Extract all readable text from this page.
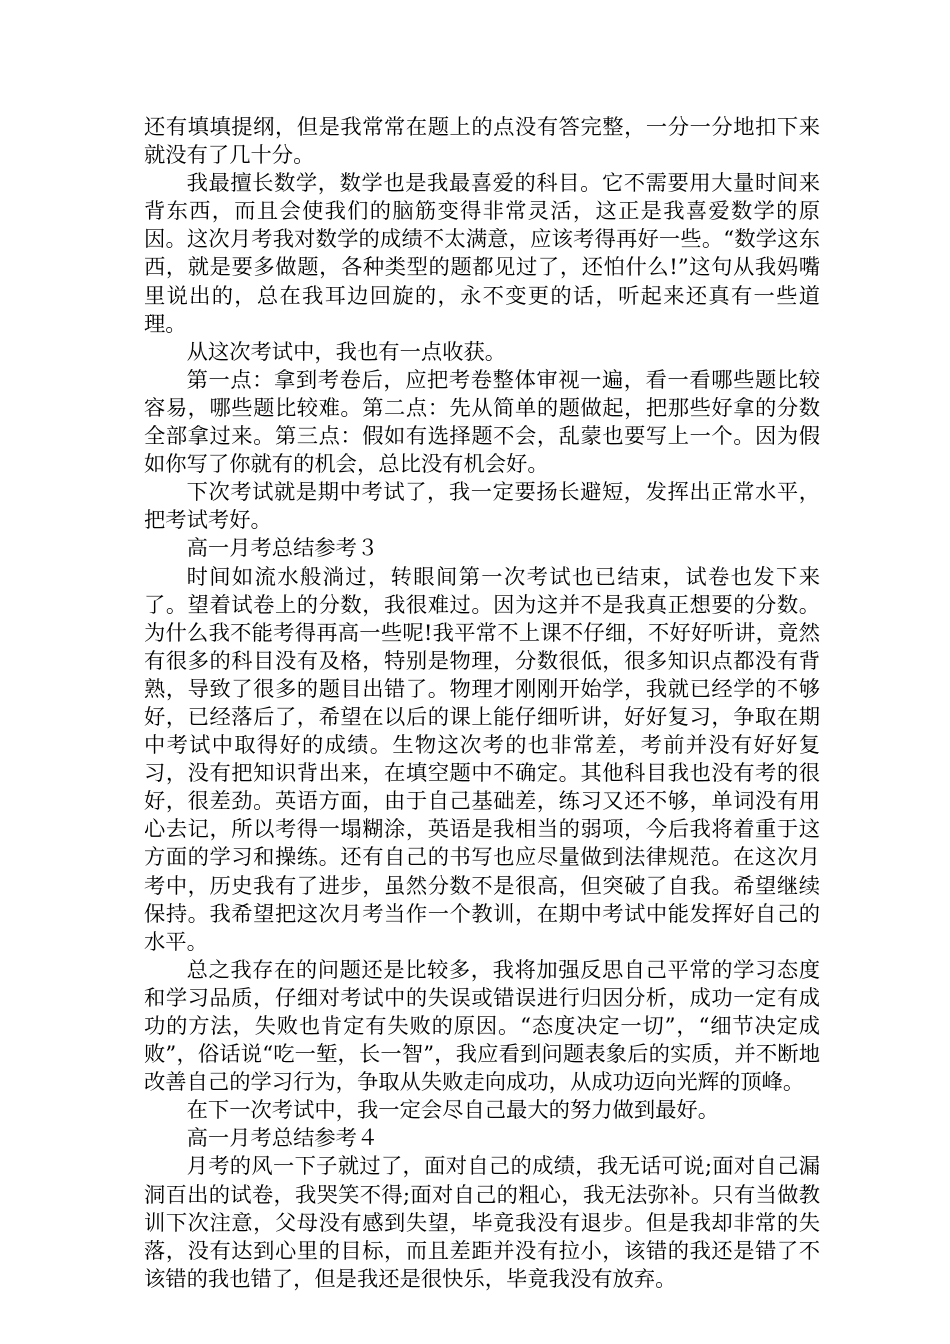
还有填填提纲，但是我常常在题上的点没有答完整，一分一分地扣下来就没有了几十分。

我最擅长数学，数学也是我最喜爱的科目。它不需要用大量时间来背东西，而且会使我们的脑筋变得非常灵活，这正是我喜爱数学的原因。这次月考我对数学的成绩不太满意，应该考得再好一些。“数学这东西，就是要多做题，各种类型的题都见过了，还怕什么!”这句从我妈嘴里说出的，总在我耳边回旋的，永不变更的话，听起来还真有一些道理。

从这次考试中，我也有一点收获。

第一点：拿到考卷后，应把考卷整体审视一遍，看一看哪些题比较容易，哪些题比较难。第二点：先从简单的题做起，把那些好拿的分数全部拿过来。第三点：假如有选择题不会，乱蒙也要写上一个。因为假如你写了你就有的机会，总比没有机会好。

下次考试就是期中考试了，我一定要扬长避短，发挥出正常水平，把考试考好。

高一月考总结参考３

时间如流水般淌过，转眼间第一次考试也已结束，试卷也发下来了。望着试卷上的分数，我很难过。因为这并不是我真正想要的分数。为什么我不能考得再高一些呢!我平常不上课不仔细，不好好听讲，竟然有很多的科目没有及格，特别是物理，分数很低，很多知识点都没有背熟，导致了很多的题目出错了。物理才刚刚开始学，我就已经学的不够好，已经落后了，希望在以后的课上能仔细听讲，好好复习，争取在期中考试中取得好的成绩。生物这次考的也非常差，考前并没有好好复习，没有把知识背出来，在填空题中不确定。其他科目我也没有考的很好，很差劲。英语方面，由于自己基础差，练习又还不够，单词没有用心去记，所以考得一塌糊涂，英语是我相当的弱项，今后我将着重于这方面的学习和操练。还有自己的书写也应尽量做到法律规范。在这次月考中，历史我有了进步，虽然分数不是很高，但突破了自我。希望继续保持。我希望把这次月考当作一个教训，在期中考试中能发挥好自己的水平。

总之我存在的问题还是比较多，我将加强反思自己平常的学习态度和学习品质，仔细对考试中的失误或错误进行归因分析，成功一定有成功的方法，失败也肯定有失败的原因。“态度决定一切”，“细节决定成败”，俗话说“吃一堑，长一智”，我应看到问题表象后的实质，并不断地改善自己的学习行为，争取从失败走向成功，从成功迈向光辉的顶峰。

在下一次考试中，我一定会尽自己最大的努力做到最好。

高一月考总结参考４

月考的风一下子就过了，面对自己的成绩，我无话可说;面对自己漏洞百出的试卷，我哭笑不得;面对自己的粗心，我无法弥补。只有当做教训下次注意，父母没有感到失望，毕竟我没有退步。但是我却非常的失落，没有达到心里的目标，而且差距并没有拉小，该错的我还是错了不该错的我也错了，但是我还是很快乐，毕竟我没有放弃。
